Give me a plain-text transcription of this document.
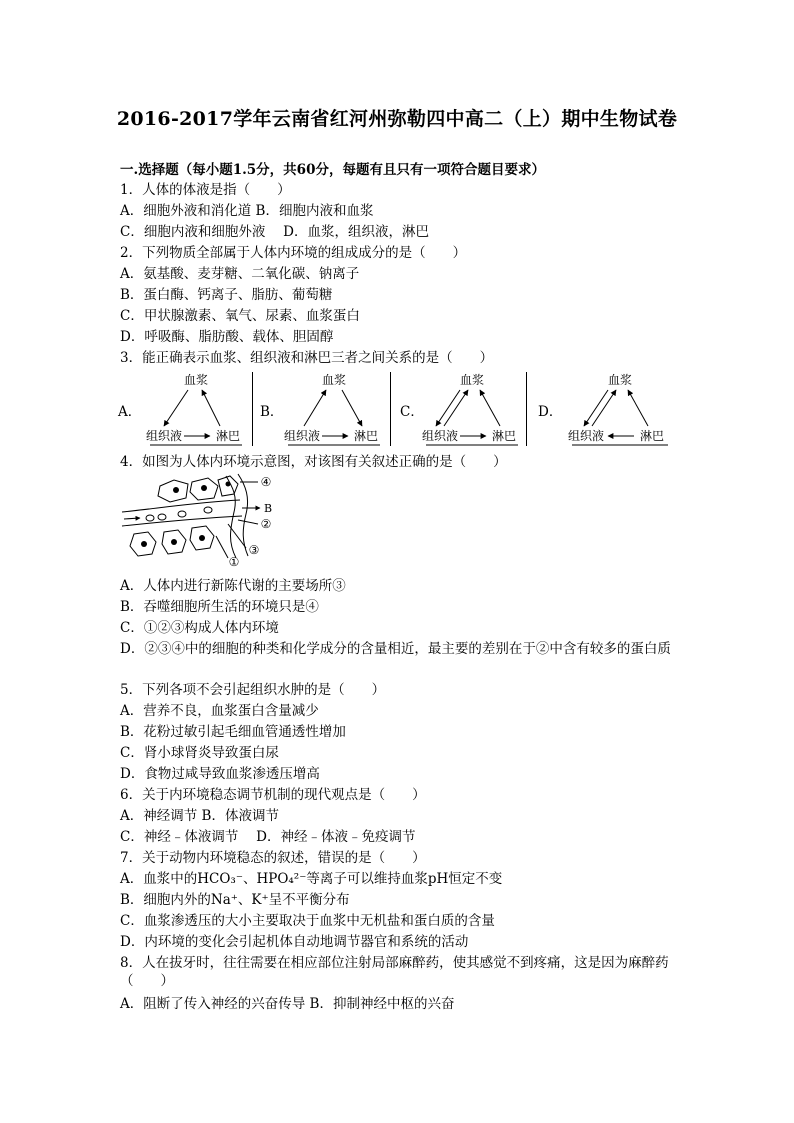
2016-2017学年云南省红河州弥勒四中高二（上）期中生物试卷
一.选择题（每小题1.5分，共60分，每题有且只有一项符合题目要求）
1．人体的体液是指（　　）
A．细胞外液和消化道 B．细胞内液和血浆
C．细胞内液和细胞外液　 D．血浆，组织液，淋巴
2．下列物质全部属于人体内环境的组成成分的是（　　）
A．氨基酸、麦芽糖、二氧化碳、钠离子
B．蛋白酶、钙离子、脂肪、葡萄糖
C．甲状腺激素、氧气、尿素、血浆蛋白
D．呼吸酶、脂肪酸、载体、胆固醇
3．能正确表示血浆、组织液和淋巴三者之间关系的是（　　）
A．
血浆
组织液	淋巴
B．
血浆
组织液	淋巴
C．
血浆
组织液	淋巴
D．
血浆
组织液	淋巴
4．如图为人体内环境示意图，对该图有关叙述正确的是（　　）
④
B
②
③
①
A．人体内进行新陈代谢的主要场所③
B．吞噬细胞所生活的环境只是④
C．①②③构成人体内环境
D．②③④中的细胞的种类和化学成分的含量相近，最主要的差别在于②中含有较多的蛋白质
5．下列各项不会引起组织水肿的是（　　）
A．营养不良，血浆蛋白含量减少
B．花粉过敏引起毛细血管通透性增加
C．肾小球肾炎导致蛋白尿
D．食物过咸导致血浆渗透压增高
6．关于内环境稳态调节机制的现代观点是（　　）
A．神经调节 B．体液调节
C．神经﹣体液调节　 D．神经﹣体液﹣免疫调节
7．关于动物内环境稳态的叙述，错误的是（　　）
A．血浆中的HCO₃⁻、HPO₄²⁻等离子可以维持血浆pH恒定不变
B．细胞内外的Na⁺、K⁺呈不平衡分布
C．血浆渗透压的大小主要取决于血浆中无机盐和蛋白质的含量
D．内环境的变化会引起机体自动地调节器官和系统的活动
8．人在拔牙时，往往需要在相应部位注射局部麻醉药，使其感觉不到疼痛，这是因为麻醉药（　　）
A．阻断了传入神经的兴奋传导 B．抑制神经中枢的兴奋
